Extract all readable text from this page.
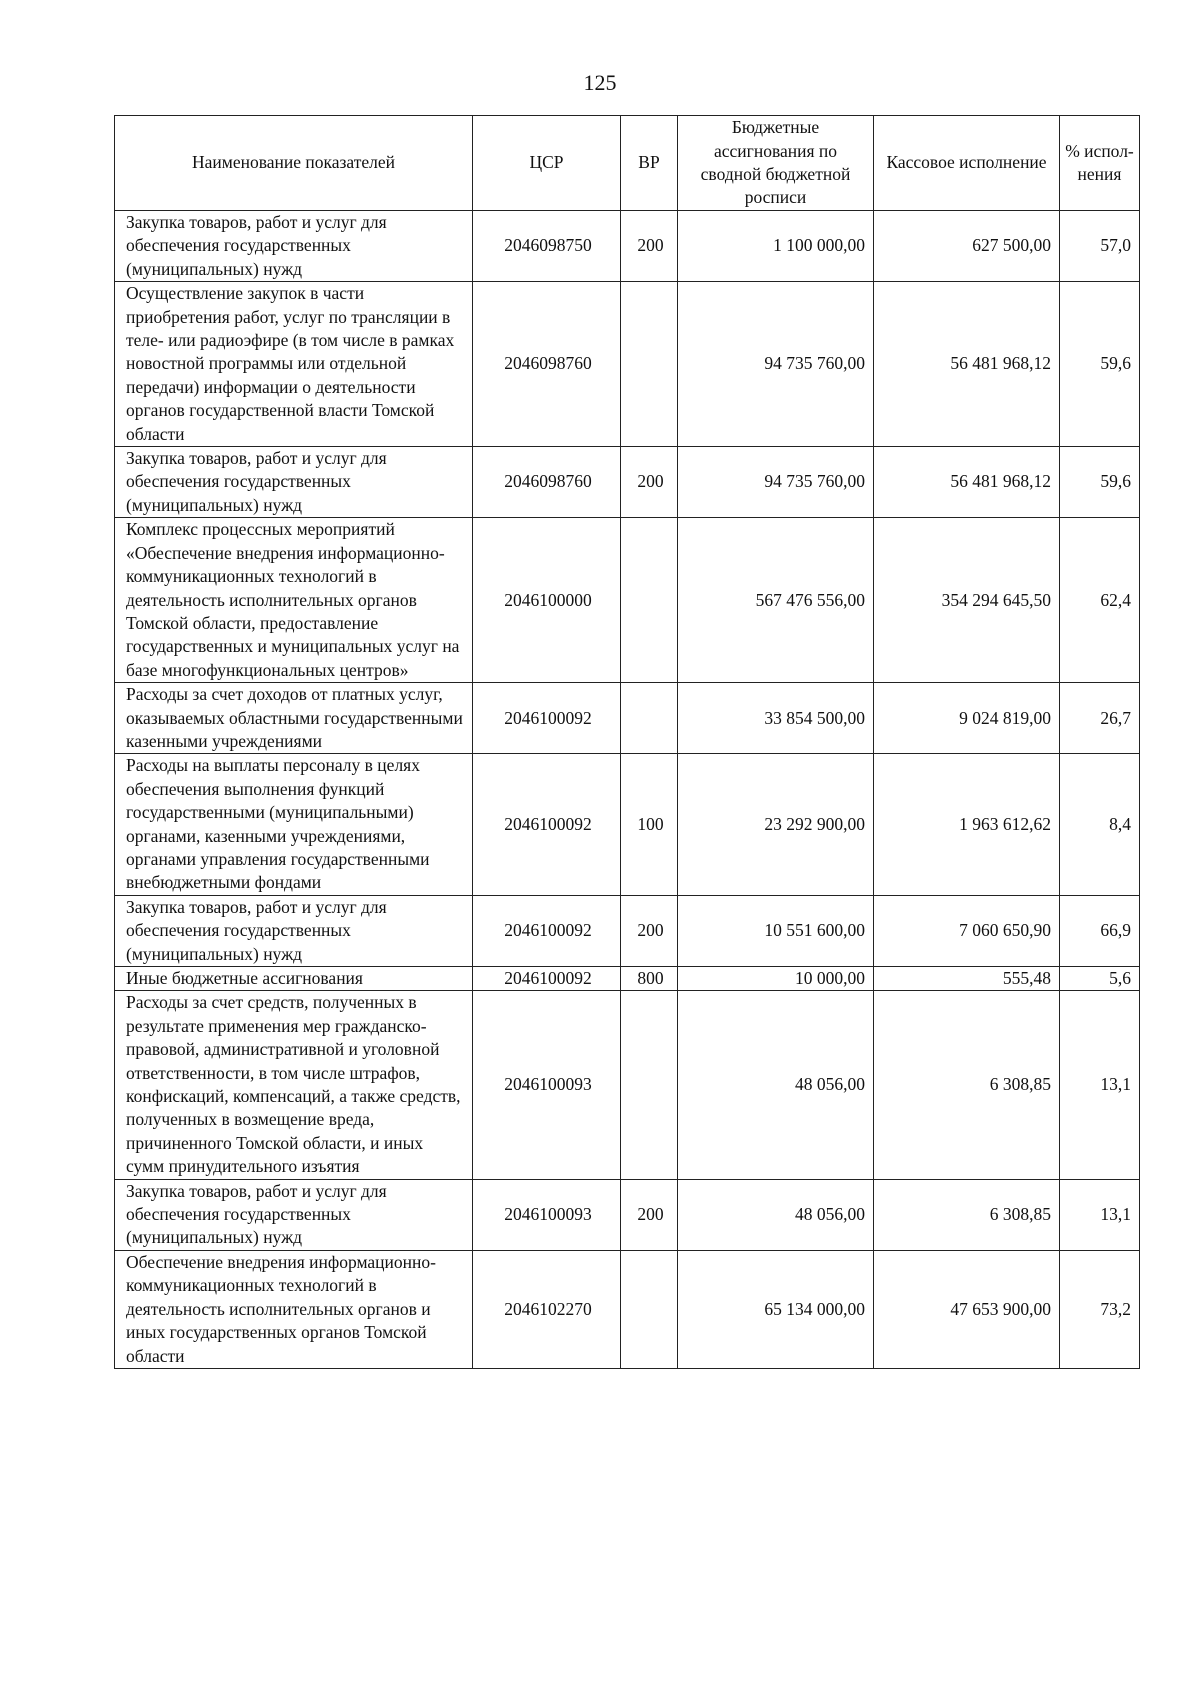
125
Наименование показателей	ЦСР	ВР	Бюджетные ассигнования по сводной бюджетной росписи	Кассовое исполнение	% испол-нения
Закупка товаров, работ и услуг для обеспечения государственных (муниципальных) нужд	2046098750	200	1 100 000,00	627 500,00	57,0
Осуществление закупок в части приобретения работ, услуг по трансляции в теле- или радиоэфире (в том числе в рамках новостной программы или отдельной передачи) информации о деятельности органов государственной власти Томской области	2046098760		94 735 760,00	56 481 968,12	59,6
Закупка товаров, работ и услуг для обеспечения государственных (муниципальных) нужд	2046098760	200	94 735 760,00	56 481 968,12	59,6
Комплекс процессных мероприятий «Обеспечение внедрения информационно-коммуникационных технологий в деятельность исполнительных органов Томской области, предоставление государственных и муниципальных услуг на базе многофункциональных центров»	2046100000		567 476 556,00	354 294 645,50	62,4
Расходы за счет доходов от платных услуг, оказываемых областными государственными казенными учреждениями	2046100092		33 854 500,00	9 024 819,00	26,7
Расходы на выплаты персоналу в целях обеспечения выполнения функций государственными (муниципальными) органами, казенными учреждениями, органами управления государственными внебюджетными фондами	2046100092	100	23 292 900,00	1 963 612,62	8,4
Закупка товаров, работ и услуг для обеспечения государственных (муниципальных) нужд	2046100092	200	10 551 600,00	7 060 650,90	66,9
Иные бюджетные ассигнования	2046100092	800	10 000,00	555,48	5,6
Расходы за счет средств, полученных в результате применения мер гражданско-правовой, административной и уголовной ответственности, в том числе штрафов, конфискаций, компенсаций, а также средств, полученных в возмещение вреда, причиненного Томской области, и иных сумм принудительного изъятия	2046100093		48 056,00	6 308,85	13,1
Закупка товаров, работ и услуг для обеспечения государственных (муниципальных) нужд	2046100093	200	48 056,00	6 308,85	13,1
Обеспечение внедрения информационно-коммуникационных технологий в деятельность исполнительных органов и иных государственных органов Томской области	2046102270		65 134 000,00	47 653 900,00	73,2
